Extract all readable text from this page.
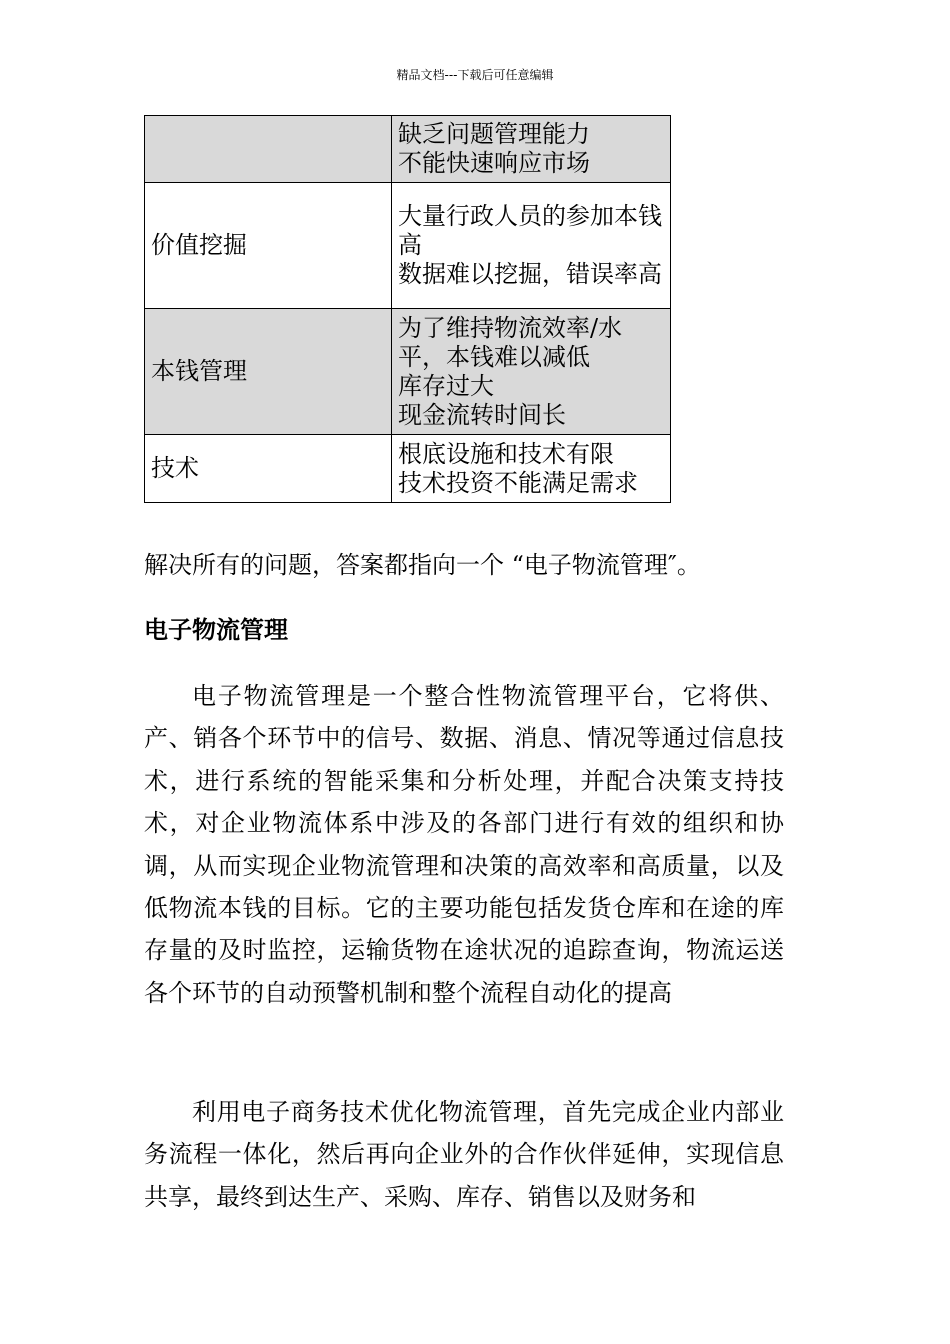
精品文档---下载后可任意编辑

	缺乏问题管理能力
不能快速响应市场

价值挖掘	大量行政人员的参加本钱高
数据难以挖掘，错误率高

本钱管理	为了维持物流效率/水平，本钱难以减低
库存过大
现金流转时间长

技术	根底设施和技术有限
技术投资不能满足需求
解决所有的问题，答案都指向一个 “电子物流管理″。
电子物流管理

电子物流管理是一个整合性物流管理平台，它将供、产、销各个环节中的信号、数据、消息、情况等通过信息技术，进行系统的智能采集和分析处理，并配合决策支持技术，对企业物流体系中涉及的各部门进行有效的组织和协调，从而实现企业物流管理和决策的高效率和高质量，以及低物流本钱的目标。它的主要功能包括发货仓库和在途的库存量的及时监控，运输货物在途状况的追踪查询，物流运送各个环节的自动预警机制和整个流程自动化的提高

利用电子商务技术优化物流管理，首先完成企业内部业务流程一体化，然后再向企业外的合作伙伴延伸，实现信息共享，最终到达生产、采购、库存、销售以及财务和
